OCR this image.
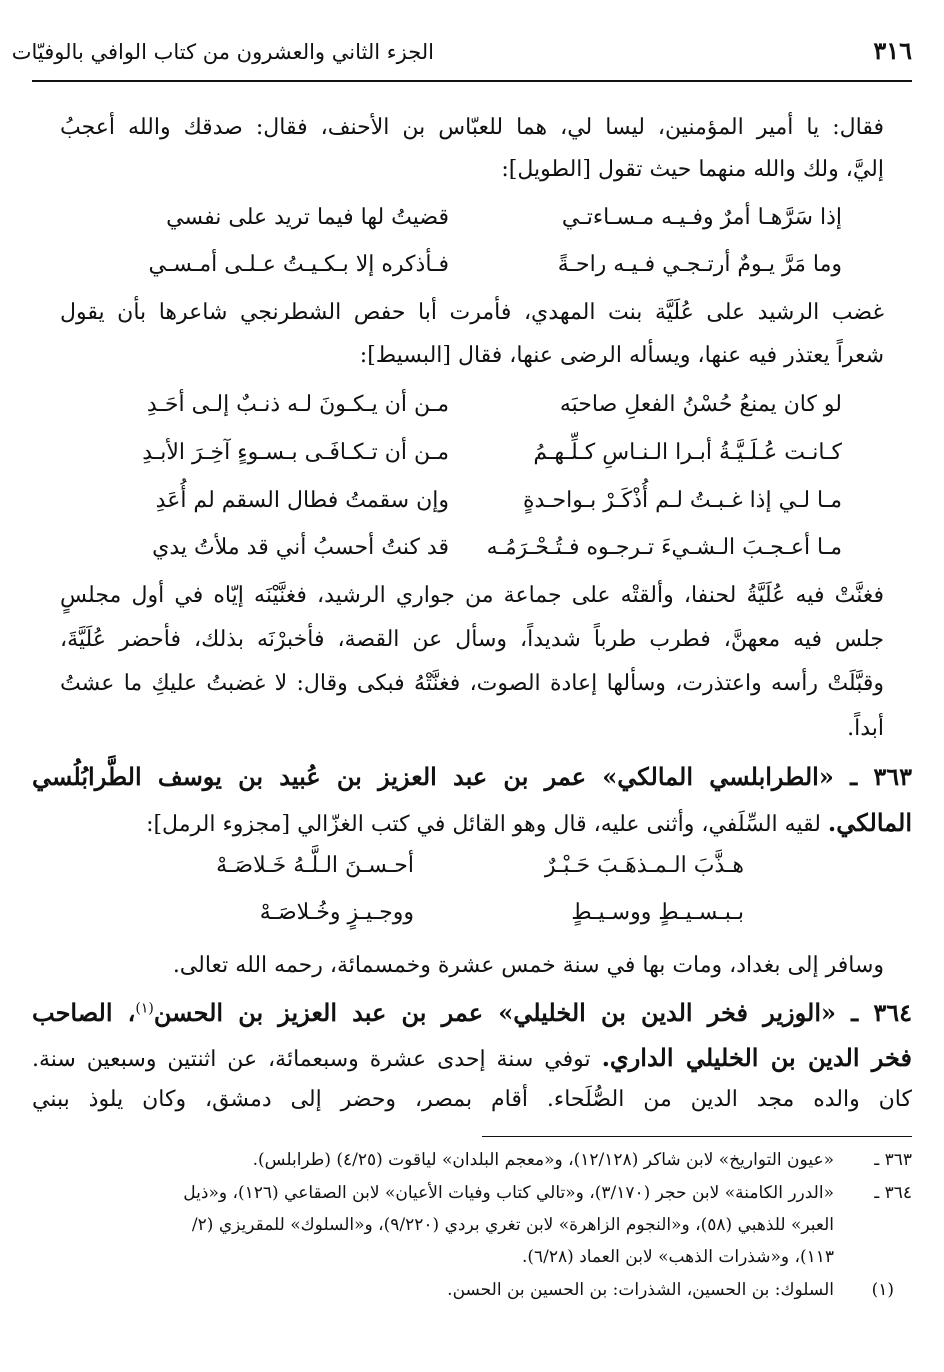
٣١٦
الجزء الثاني والعشرون من كتاب الوافي بالوفيّات
فقال: يا أمير المؤمنين، ليسا لي، هما للعبّاس بن الأحنف، فقال: صدقك والله أعجبُ
إليَّ، ولك والله منهما حيث تقول [الطويل]:
إذا سَرَّهـا أمرٌ وفـيـه مـسـاءتـي
قضيتُ لها فيما تريد على نفسي
وما مَرَّ يـومٌ أرتـجـي فـيـه راحـةً
فـأذكره إلا بـكـيـتُ عـلـى أمـسـي
غضب الرشيد على عُلَيَّة بنت المهدي، فأمرت أبا حفص الشطرنجي شاعرها بأن يقول
شعراً يعتذر فيه عنها، ويسأله الرضى عنها، فقال [البسيط]:
لو كان يمنعُ حُسْنُ الفعلِ صاحبَه
مـن أن يـكـونَ لـه ذنـبٌ إلـى أحَـدِ
كـانـت عُـلَـيَّـةُ أبـرا الـنـاسِ كـلِّـهـمُ
مـن أن تـكـافَـى بـسـوءٍ آخِـرَ الأبـدِ
مـا لـي إذا غـبـتُ لـم أُذْكَـرْ بـواحـدةٍ
وإن سقمتُ فطال السقم لم أُعَدِ
مـا أعـجـبَ الـشـيءَ تـرجـوه فـتُـحْـرَمُـه
قد كنتُ أحسبُ أني قد ملأتُ يدي
فغنَّتْ فيه عُلَيَّةُ لحنفا، وألقتْه على جماعة من جواري الرشيد، فغنَّيْنَه إيّاه في أول مجلسٍ
جلس فيه معهنَّ، فطرب طرباً شديداً، وسأل عن القصة، فأخبرْنَه بذلك، فأحضر عُلَيَّةَ،
وقبَّلَتْ رأسه واعتذرت، وسألها إعادة الصوت، فغنَّتْهُ فبكى وقال: لا غضبتُ عليكِ ما عشتُ
أبداً.
٣٦٣ ـ «الطرابلسي المالكي» عمر بن عبد العزيز بن عُبيد بن يوسف الطَّرابُلُسي
المالكي. لقيه السِّلَفي، وأثنى عليه، قال وهو القائل في كتب الغزّالي [مجزوء الرمل]:
هـذَّبَ الـمـذهَـبَ حَـبْـرٌ
أحـسـنَ الـلَّـهُ خَـلاصَـهْ
بـبـسـيـطٍ ووسـيـطٍ
ووجـيـزٍ وخُـلاصَـهْ
وسافر إلى بغداد، ومات بها في سنة خمس عشرة وخمسمائة، رحمه الله تعالى.
٣٦٤ ـ «الوزير فخر الدين بن الخليلي» عمر بن عبد العزيز بن الحسن$^{(١)}$، الصاحب
فخر الدين بن الخليلي الداري. توفي سنة إحدى عشرة وسبعمائة، عن اثنتين وسبعين سنة.
كان والده مجد الدين من الصُّلَحاء. أقام بمصر، وحضر إلى دمشق، وكان يلوذ ببني
٣٦٣ ـ
«عيون التواريخ» لابن شاكر (١٢/١٢٨)، و«معجم البلدان» لياقوت (٤/٢٥) (طرابلس).
٣٦٤ ـ
«الدرر الكامنة» لابن حجر (٣/١٧٠)، و«تالي كتاب وفيات الأعيان» لابن الصقاعي (١٢٦)، و«ذيل
العبر» للذهبي (٥٨)، و«النجوم الزاهرة» لابن تغري بردي (٩/٢٢٠)، و«السلوك» للمقريزي (٢/
١١٣)، و«شذرات الذهب» لابن العماد (٦/٢٨).
(١)
السلوك: بن الحسين، الشذرات: بن الحسين بن الحسن.
